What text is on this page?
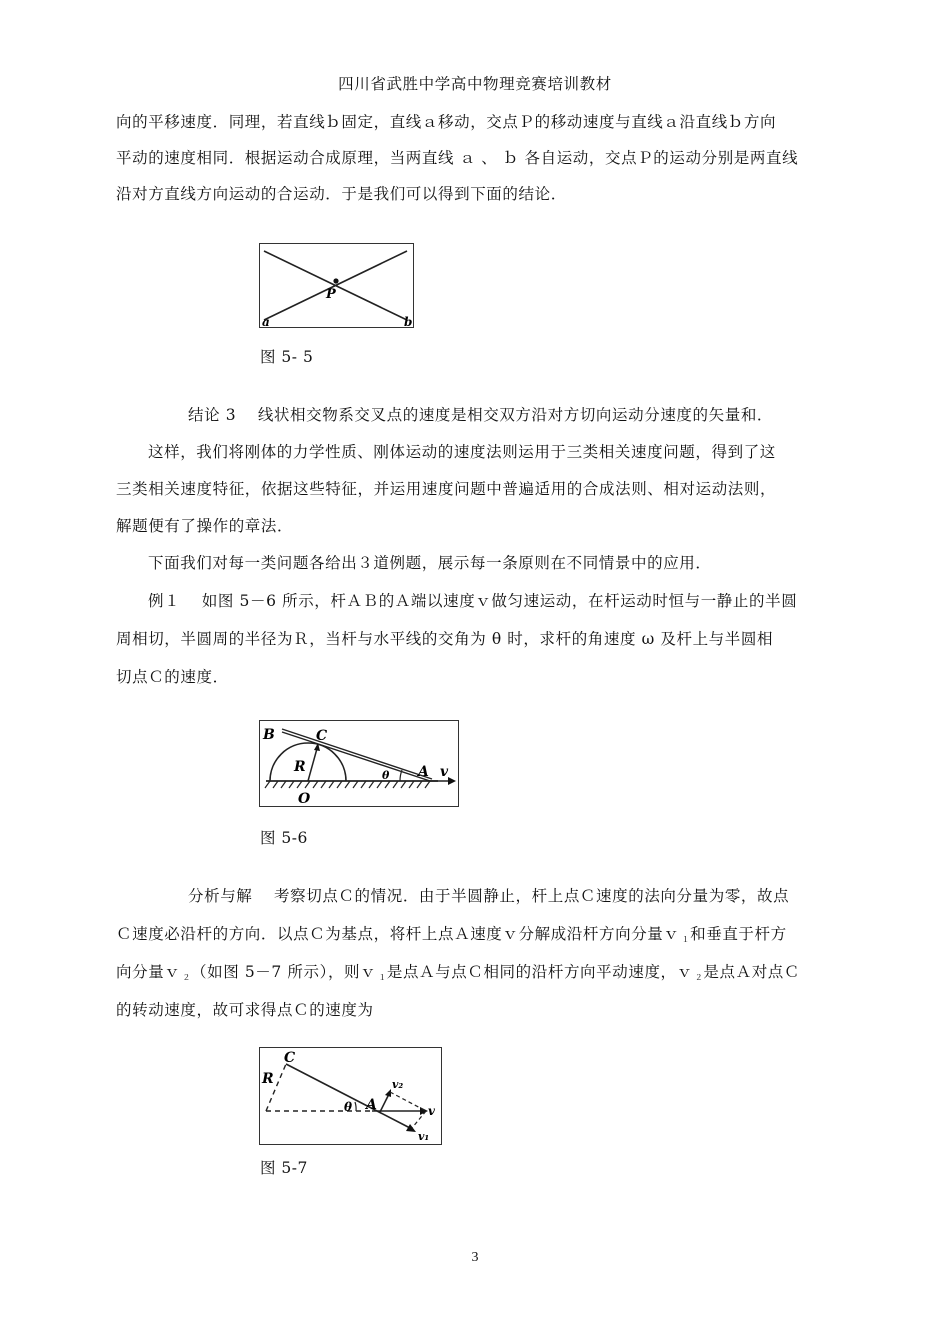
四川省武胜中学高中物理竞赛培训教材
向的平移速度．同理，若直线ｂ固定，直线ａ移动，交点Ｐ的移动速度与直线ａ沿直线ｂ方向
平动的速度相同．根据运动合成原理，当两直线 ａ 、 ｂ 各自运动，交点Ｐ的运动分别是两直线
沿对方直线方向运动的合运动．于是我们可以得到下面的结论．
P
a	b
图 5- 5
结论 3　 线状相交物系交叉点的速度是相交双方沿对方切向运动分速度的矢量和．
这样，我们将刚体的力学性质、刚体运动的速度法则运用于三类相关速度问题，得到了这
三类相关速度特征，依据这些特征，并运用速度问题中普遍适用的合成法则、相对运动法则，
解题便有了操作的章法．
下面我们对每一类问题各给出３道例题，展示每一条原则在不同情景中的应用．
例１　 如图 5－6 所示，杆ＡＢ的Ａ端以速度ｖ做匀速运动，在杆运动时恒与一静止的半圆
周相切，半圆周的半径为Ｒ，当杆与水平线的交角为 θ 时，求杆的角速度 ω 及杆上与半圆相
切点Ｃ的速度．
B	C
R
O
A v
θ
图 5-6
分析与解　 考察切点Ｃ的情况．由于半圆静止，杆上点Ｃ速度的法向分量为零，故点
Ｃ速度必沿杆的方向．以点Ｃ为基点，将杆上点Ａ速度ｖ分解成沿杆方向分量ｖ $_1$和垂直于杆方
向分量ｖ $_2$（如图 5－7 所示），则ｖ $_1$是点Ａ与点Ｃ相同的沿杆方向平动速度，ｖ $_2$是点Ａ对点Ｃ
的转动速度，故可求得点Ｃ的速度为
C
R
θ A	v
v₂
v₁
图 5-7
3
